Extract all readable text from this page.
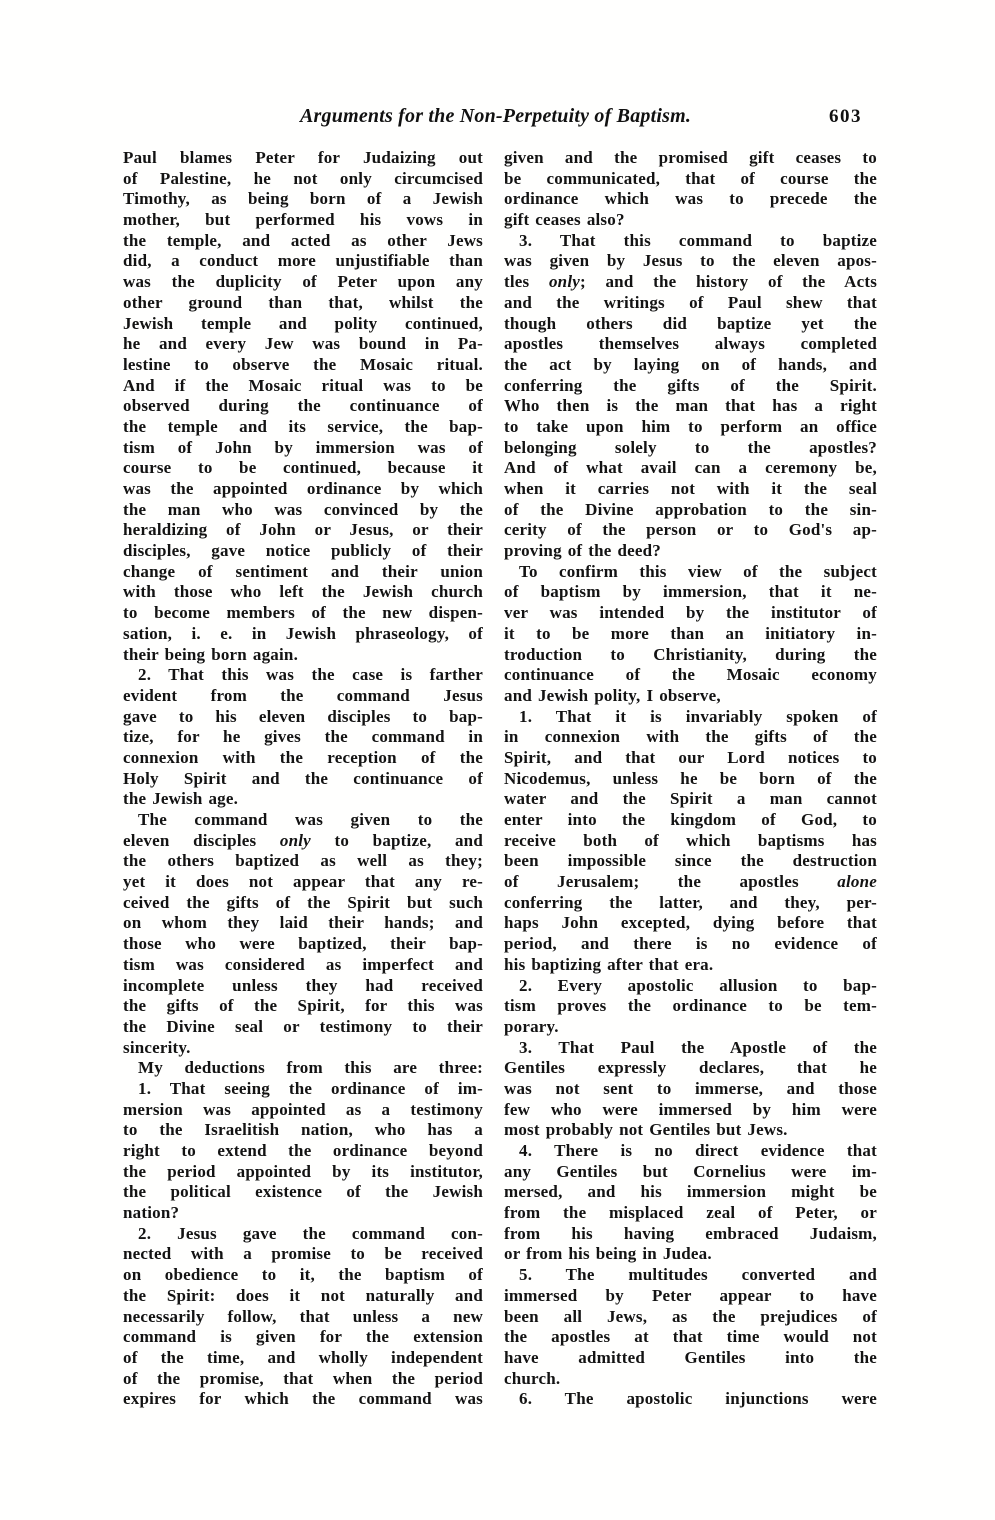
Arguments for the Non-Perpetuity of Baptism.	603
Paul blames Peter for Judaizing out
of Palestine, he not only circumcised
Timothy, as being born of a Jewish
mother, but performed his vows in
the temple, and acted as other Jews
did, a conduct more unjustifiable than
was the duplicity of Peter upon any
other ground than that, whilst the
Jewish temple and polity continued,
he and every Jew was bound in Pa-
lestine to observe the Mosaic ritual.
And if the Mosaic ritual was to be
observed during the continuance of
the temple and its service, the bap-
tism of John by immersion was of
course to be continued, because it
was the appointed ordinance by which
the man who was convinced by the
heraldizing of John or Jesus, or their
disciples, gave notice publicly of their
change of sentiment and their union
with those who left the Jewish church
to become members of the new dispen-
sation, i. e. in Jewish phraseology, of
their being born again.
2. That this was the case is farther
evident from the command Jesus
gave to his eleven disciples to bap-
tize, for he gives the command in
connexion with the reception of the
Holy Spirit and the continuance of
the Jewish age.
The command was given to the
eleven disciples only to baptize, and
the others baptized as well as they;
yet it does not appear that any re-
ceived the gifts of the Spirit but such
on whom they laid their hands; and
those who were baptized, their bap-
tism was considered as imperfect and
incomplete unless they had received
the gifts of the Spirit, for this was
the Divine seal or testimony to their
sincerity.
My deductions from this are three:
1. That seeing the ordinance of im-
mersion was appointed as a testimony
to the Israelitish nation, who has a
right to extend the ordinance beyond
the period appointed by its institutor,
the political existence of the Jewish
nation?
2. Jesus gave the command con-
nected with a promise to be received
on obedience to it, the baptism of
the Spirit: does it not naturally and
necessarily follow, that unless a new
command is given for the extension
of the time, and wholly independent
of the promise, that when the period
expires for which the command was
given and the promised gift ceases to
be communicated, that of course the
ordinance which was to precede the
gift ceases also?
3. That this command to baptize
was given by Jesus to the eleven apos-
tles only; and the history of the Acts
and the writings of Paul shew that
though others did baptize yet the
apostles themselves always completed
the act by laying on of hands, and
conferring the gifts of the Spirit.
Who then is the man that has a right
to take upon him to perform an office
belonging solely to the apostles?
And of what avail can a ceremony be,
when it carries not with it the seal
of the Divine approbation to the sin-
cerity of the person or to God's ap-
proving of the deed?
To confirm this view of the subject
of baptism by immersion, that it ne-
ver was intended by the institutor of
it to be more than an initiatory in-
troduction to Christianity, during the
continuance of the Mosaic economy
and Jewish polity, I observe,
1. That it is invariably spoken of
in connexion with the gifts of the
Spirit, and that our Lord notices to
Nicodemus, unless he be born of the
water and the Spirit a man cannot
enter into the kingdom of God, to
receive both of which baptisms has
been impossible since the destruction
of Jerusalem; the apostles alone
conferring the latter, and they, per-
haps John excepted, dying before that
period, and there is no evidence of
his baptizing after that era.
2. Every apostolic allusion to bap-
tism proves the ordinance to be tem-
porary.
3. That Paul the Apostle of the
Gentiles expressly declares, that he
was not sent to immerse, and those
few who were immersed by him were
most probably not Gentiles but Jews.
4. There is no direct evidence that
any Gentiles but Cornelius were im-
mersed, and his immersion might be
from the misplaced zeal of Peter, or
from his having embraced Judaism,
or from his being in Judea.
5. The multitudes converted and
immersed by Peter appear to have
been all Jews, as the prejudices of
the apostles at that time would not
have admitted Gentiles into the
church.
6. The apostolic injunctions were
